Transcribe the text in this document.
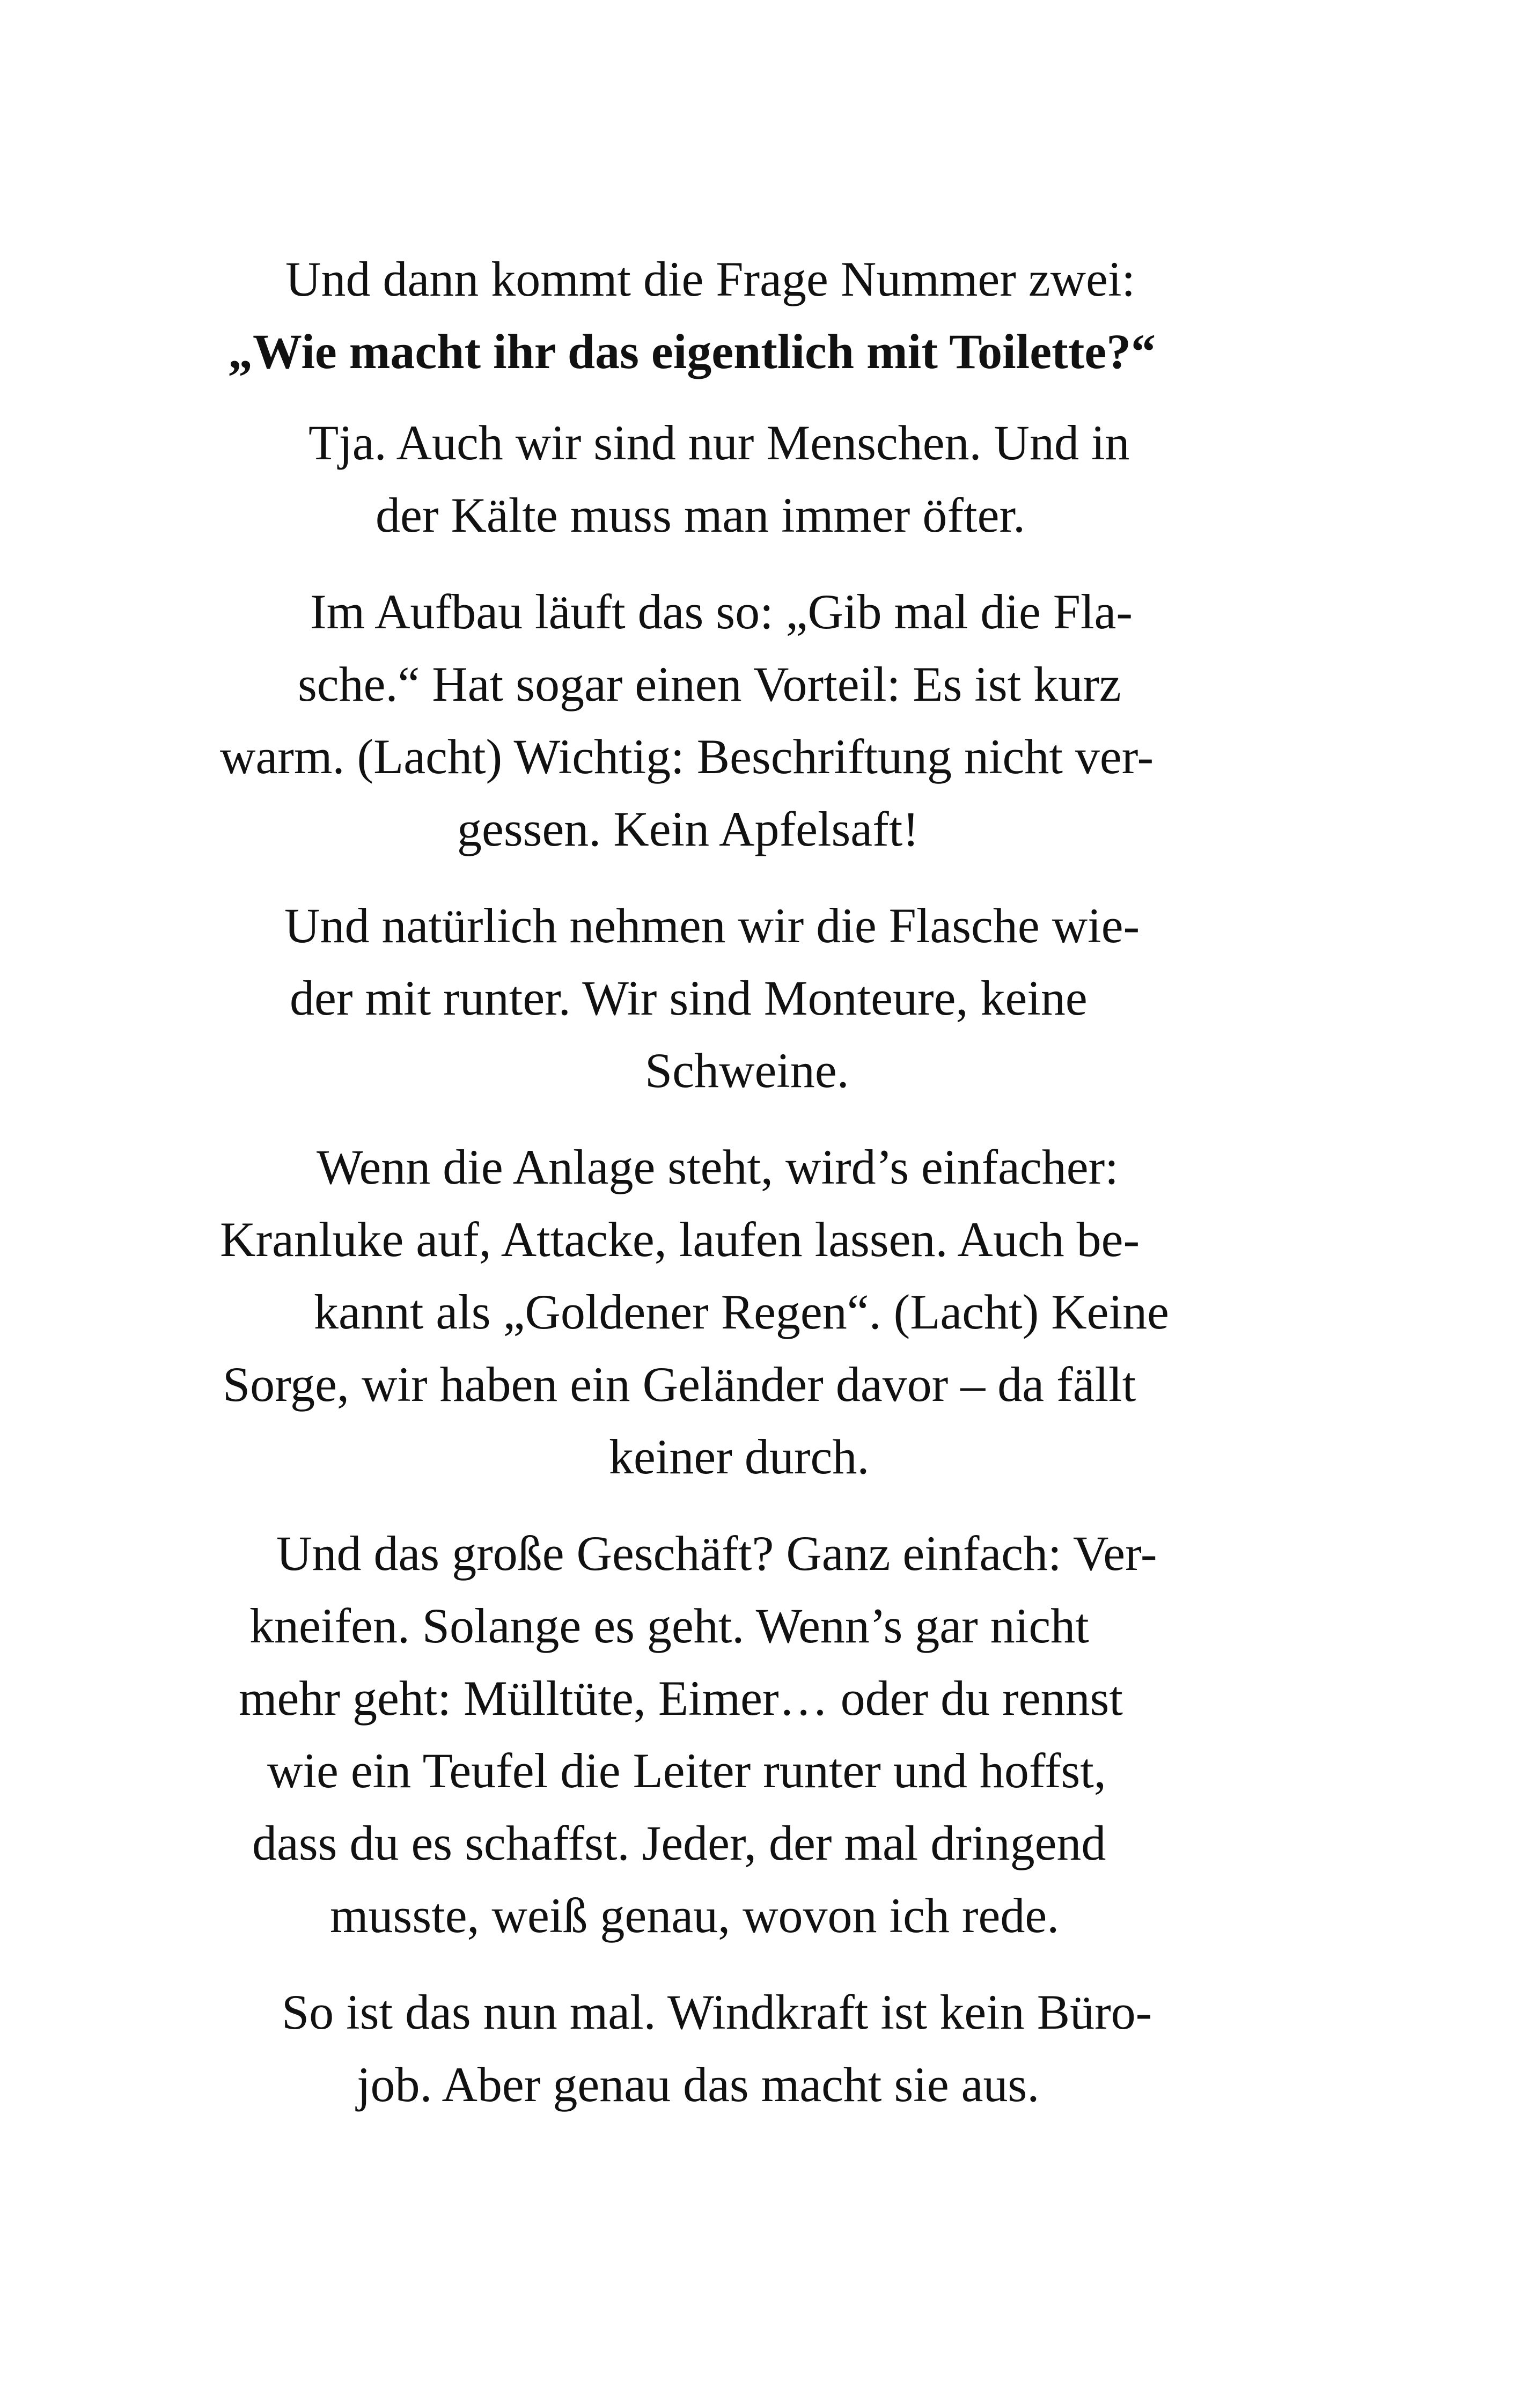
Und dann kommt die Frage Nummer zwei:
„Wie macht ihr das eigentlich mit Toilette?“
Tja. Auch wir sind nur Menschen. Und in
der Kälte muss man immer öfter.
Im Aufbau läuft das so: „Gib mal die Fla-
sche.“ Hat sogar einen Vorteil: Es ist kurz
warm. (Lacht) Wichtig: Beschriftung nicht ver-
gessen. Kein Apfelsaft!
Und natürlich nehmen wir die Flasche wie-
der mit runter. Wir sind Monteure, keine
Schweine.
Wenn die Anlage steht, wird’s einfacher:
Kranluke auf, Attacke, laufen lassen. Auch be-
kannt als „Goldener Regen“. (Lacht) Keine
Sorge, wir haben ein Geländer davor – da fällt
keiner durch.
Und das große Geschäft? Ganz einfach: Ver-
kneifen. Solange es geht. Wenn’s gar nicht
mehr geht: Mülltüte, Eimer… oder du rennst
wie ein Teufel die Leiter runter und hoffst,
dass du es schaffst. Jeder, der mal dringend
musste, weiß genau, wovon ich rede.
So ist das nun mal. Windkraft ist kein Büro-
job. Aber genau das macht sie aus.
